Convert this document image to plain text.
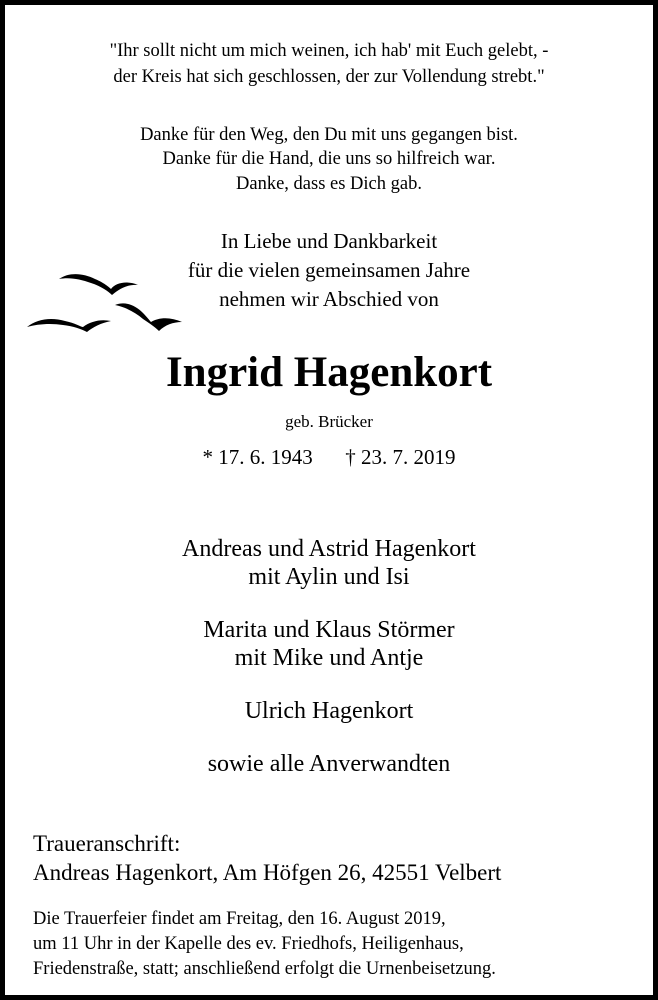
"Ihr sollt nicht um mich weinen, ich hab' mit Euch gelebt, -
der Kreis hat sich geschlossen, der zur Vollendung strebt."
Danke für den Weg, den Du mit uns gegangen bist.
Danke für die Hand, die uns so hilfreich war.
Danke, dass es Dich gab.
In Liebe und Dankbarkeit
für die vielen gemeinsamen Jahre
nehmen wir Abschied von
Ingrid Hagenkort
geb. Brücker
* 17. 6. 1943 † 23. 7. 2019
Andreas und Astrid Hagenkort
mit Aylin und Isi
Marita und Klaus Störmer
mit Mike und Antje
Ulrich Hagenkort
sowie alle Anverwandten
Traueranschrift:
Andreas Hagenkort, Am Höfgen 26, 42551 Velbert
Die Trauerfeier findet am Freitag, den 16. August 2019,
um 11 Uhr in der Kapelle des ev. Friedhofs, Heiligenhaus,
Friedenstraße, statt; anschließend erfolgt die Urnenbeisetzung.
